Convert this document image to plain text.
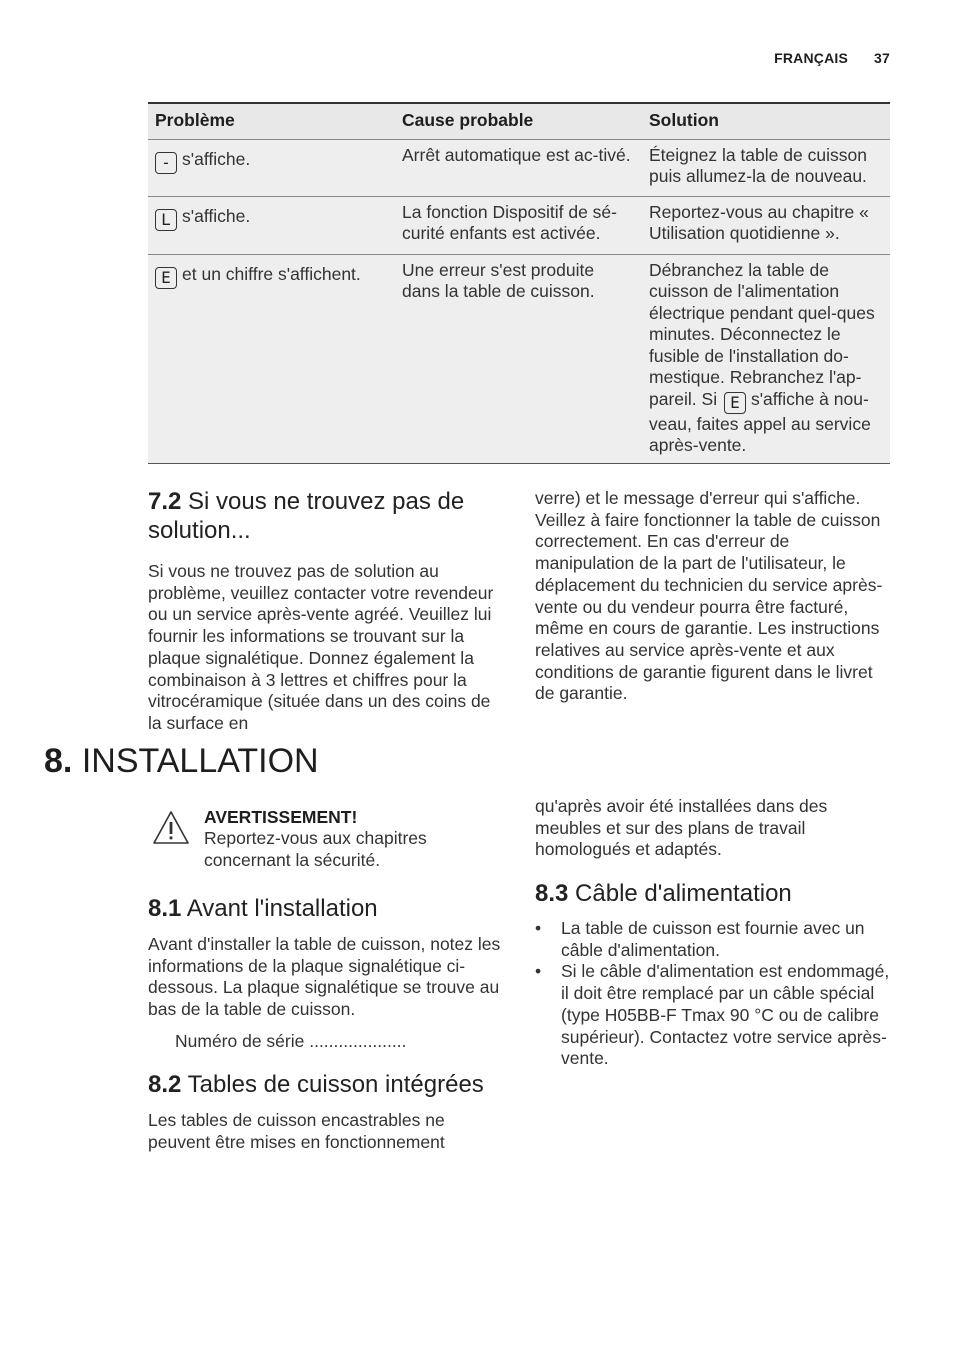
FRANÇAIS 37
Problème	Cause probable	Solution
- s'affiche.	Arrêt automatique est ac-tivé.	Éteignez la table de cuisson puis allumez-la de nouveau.
L s'affiche.	La fonction Dispositif de sé-curité enfants est activée.	Reportez-vous au chapitre « Utilisation quotidienne ».
E et un chiffre s'affichent.	Une erreur s'est produite dans la table de cuisson.	Débranchez la table de cuisson de l'alimentation électrique pendant quel-ques minutes. Déconnectez le fusible de l'installation do-mestique. Rebranchez l'ap-pareil. Si E s'affiche à nou-veau, faites appel au service après-vente.
7.2 Si vous ne trouvez pas de solution...

Si vous ne trouvez pas de solution au problème, veuillez contacter votre revendeur ou un service après-vente agréé. Veuillez lui fournir les informations se trouvant sur la plaque signalétique. Donnez également la combinaison à 3 lettres et chiffres pour la vitrocéramique (située dans un des coins de la surface en

verre) et le message d'erreur qui s'affiche. Veillez à faire fonctionner la table de cuisson correctement. En cas d'erreur de manipulation de la part de l'utilisateur, le déplacement du technicien du service après-vente ou du vendeur pourra être facturé, même en cours de garantie. Les instructions relatives au service après-vente et aux conditions de garantie figurent dans le livret de garantie.

8. INSTALLATION
AVERTISSEMENT!
Reportez-vous aux chapitres concernant la sécurité.
8.1 Avant l'installation

Avant d'installer la table de cuisson, notez les informations de la plaque signalétique ci-dessous. La plaque signalétique se trouve au bas de la table de cuisson.

Numéro de série ....................

8.2 Tables de cuisson intégrées

Les tables de cuisson encastrables ne peuvent être mises en fonctionnement

qu'après avoir été installées dans des meubles et sur des plans de travail homologués et adaptés.

8.3 Câble d'alimentation
• La table de cuisson est fournie avec un câble d'alimentation.
• Si le câble d'alimentation est endommagé, il doit être remplacé par un câble spécial (type H05BB-F Tmax 90 °C ou de calibre supérieur). Contactez votre service après-vente.
